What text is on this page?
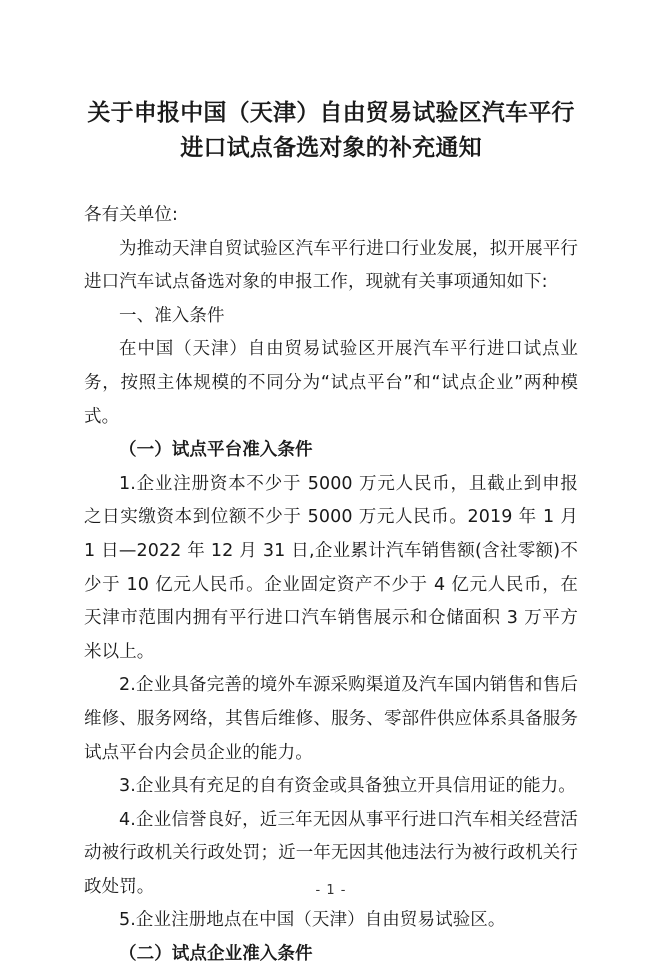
关于申报中国（天津）自由贸易试验区汽车平行进口试点备选对象的补充通知

各有关单位:

为推动天津自贸试验区汽车平行进口行业发展，拟开展平行进口汽车试点备选对象的申报工作，现就有关事项通知如下:

一、准入条件

在中国（天津）自由贸易试验区开展汽车平行进口试点业务，按照主体规模的不同分为“试点平台”和“试点企业”两种模式。

（一）试点平台准入条件

1.企业注册资本不少于 5000 万元人民币，且截止到申报之日实缴资本到位额不少于 5000 万元人民币。2019 年 1 月 1 日—2022 年 12 月 31 日,企业累计汽车销售额(含社零额)不少于 10 亿元人民币。企业固定资产不少于 4 亿元人民币，在天津市范围内拥有平行进口汽车销售展示和仓储面积 3 万平方米以上。

2.企业具备完善的境外车源采购渠道及汽车国内销售和售后维修、服务网络，其售后维修、服务、零部件供应体系具备服务试点平台内会员企业的能力。

3.企业具有充足的自有资金或具备独立开具信用证的能力。

4.企业信誉良好，近三年无因从事平行进口汽车相关经营活动被行政机关行政处罚；近一年无因其他违法行为被行政机关行政处罚。

5.企业注册地点在中国（天津）自由贸易试验区。

（二）试点企业准入条件

- 1 -
